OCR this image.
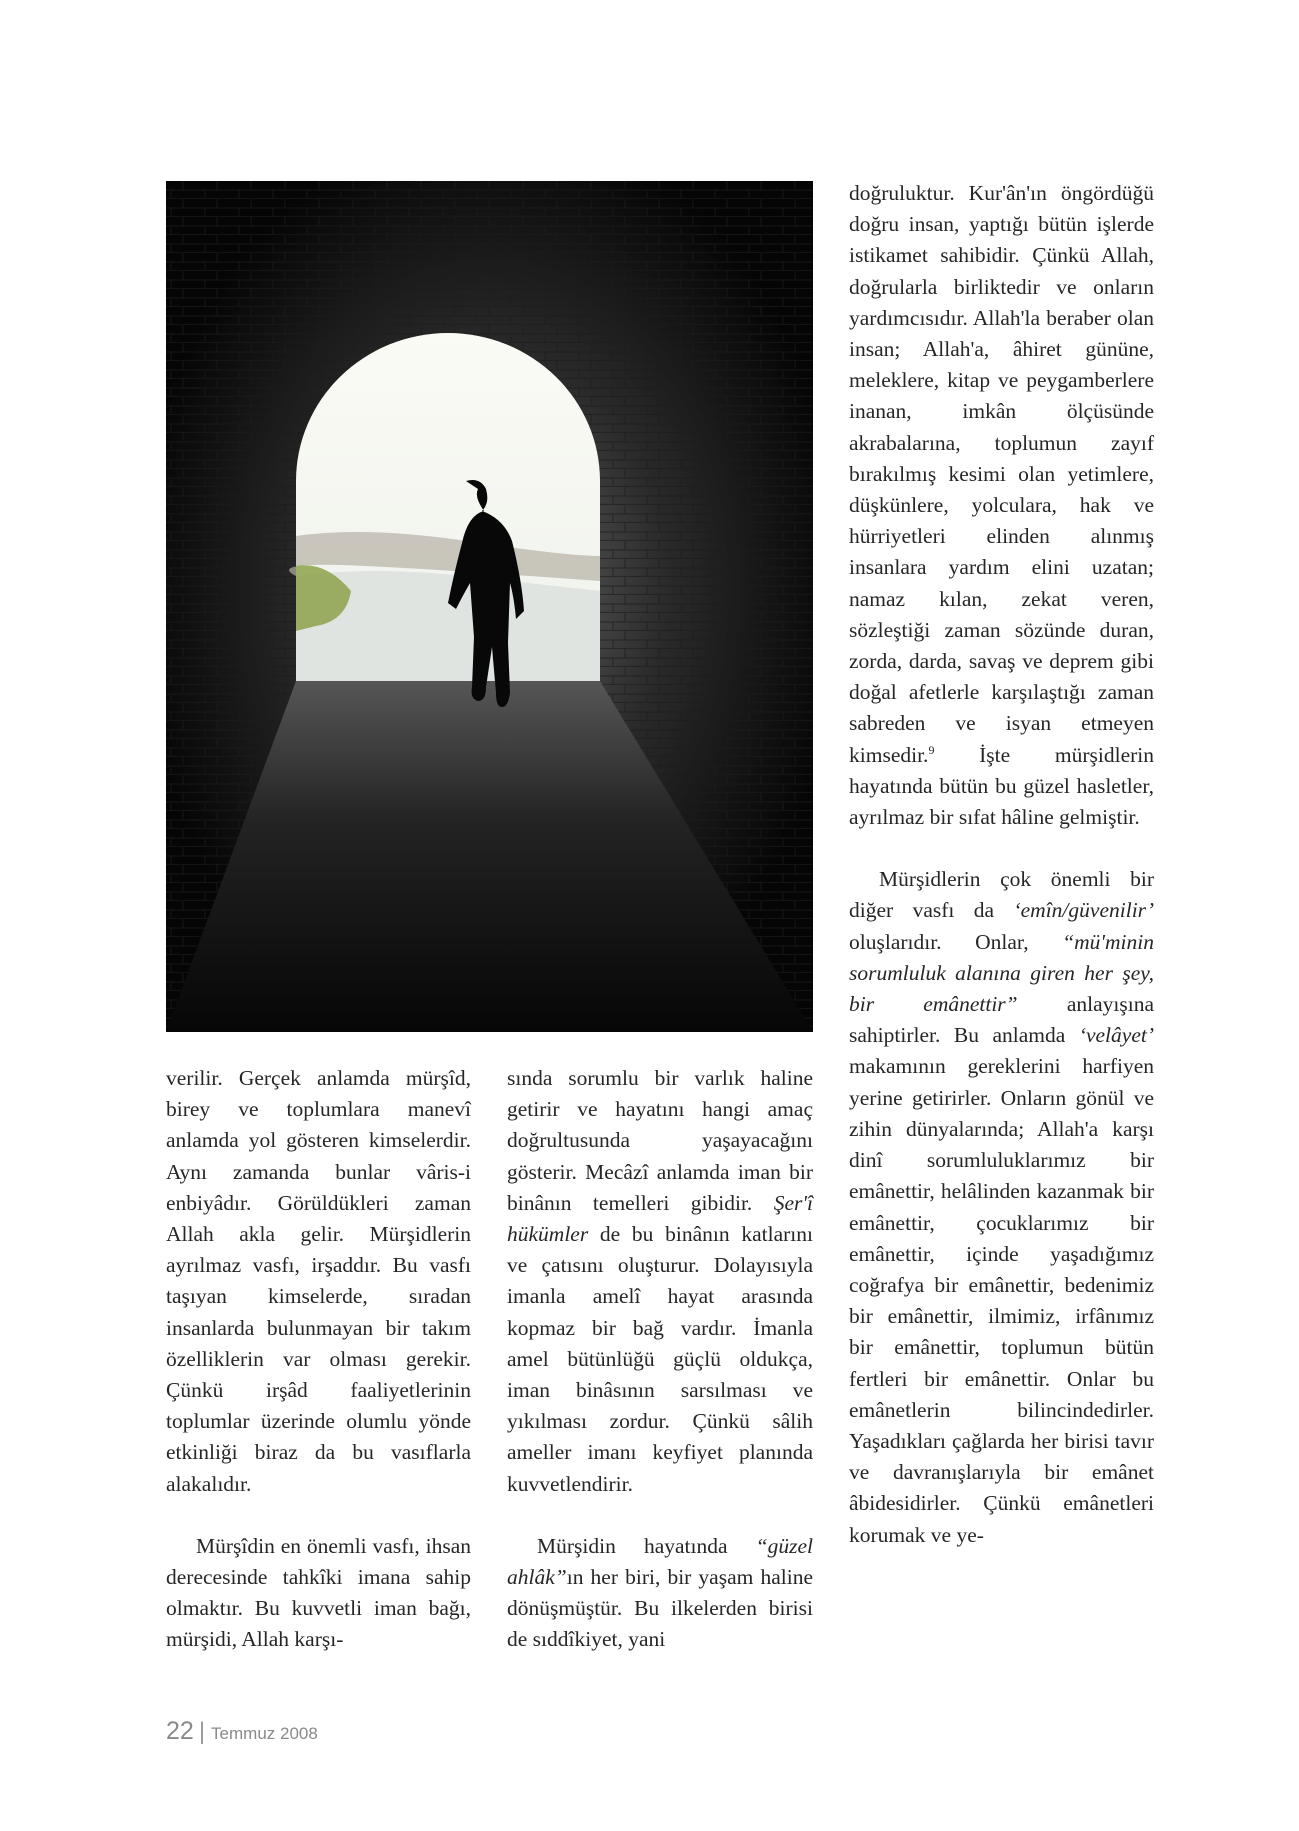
verilir. Gerçek anlamda mürşîd, birey ve toplumlara manevî anlamda yol gösteren kimselerdir. Aynı zamanda bunlar vâris-i enbiyâdır. Görüldükleri zaman Allah akla gelir. Mürşidlerin ayrılmaz vasfı, irşaddır. Bu vasfı taşıyan kimselerde, sıradan insanlarda bulunmayan bir takım özelliklerin var olması gerekir. Çünkü irşâd faaliyetlerinin toplumlar üzerinde olumlu yönde etkinliği biraz da bu vasıflarla alakalıdır.

Mürşîdin en önemli vasfı, ihsan derecesinde tahkîki imana sahip olmaktır. Bu kuvvetli iman bağı, mürşidi, Allah karşı-

sında sorumlu bir varlık haline getirir ve hayatını hangi amaç doğrultusunda yaşayacağını gösterir. Mecâzî anlamda iman bir binânın temelleri gibidir. Şer'î hükümler de bu binânın katlarını ve çatısını oluşturur. Dolayısıyla imanla amelî hayat arasında kopmaz bir bağ vardır. İmanla amel bütünlüğü güçlü oldukça, iman binâsının sarsılması ve yıkılması zordur. Çünkü sâlih ameller imanı keyfiyet planında kuvvetlendirir.

Mürşidin hayatında “güzel ahlâk”ın her biri, bir yaşam haline dönüşmüştür. Bu ilkelerden birisi de sıddîkiyet, yani

doğruluktur. Kur'ân'ın öngördüğü doğru insan, yaptığı bütün işlerde istikamet sahibidir. Çünkü Allah, doğrularla birliktedir ve onların yardımcısıdır. Allah'la beraber olan insan; Allah'a, âhiret gününe, meleklere, kitap ve peygamberlere inanan, imkân ölçüsünde akrabalarına, toplumun zayıf bırakılmış kesimi olan yetimlere, düşkünlere, yolculara, hak ve hürriyetleri elinden alınmış insanlara yardım elini uzatan; namaz kılan, zekat veren, sözleştiği zaman sözünde duran, zorda, darda, savaş ve deprem gibi doğal afetlerle karşılaştığı zaman sabreden ve isyan etmeyen kimsedir.$^9$ İşte mürşidlerin hayatında bütün bu güzel hasletler, ayrılmaz bir sıfat hâline gelmiştir.

Mürşidlerin çok önemli bir diğer vasfı da ‘emîn/güvenilir’ oluşlarıdır. Onlar, “mü'minin sorumluluk alanına giren her şey, bir emânettir” anlayışına sahiptirler. Bu anlamda ‘velâyet’ makamının gereklerini harfiyen yerine getirirler. Onların gönül ve zihin dünyalarında; Allah'a karşı dinî sorumluluklarımız bir emânettir, helâlinden kazanmak bir emânettir, çocuklarımız bir emânettir, içinde yaşadığımız coğrafya bir emânettir, bedenimiz bir emânettir, ilmimiz, irfânımız bir emânettir, toplumun bütün fertleri bir emânettir. Onlar bu emânetlerin bilincindedirler. Yaşadıkları çağlarda her birisi tavır ve davranışlarıyla bir emânet âbidesidirler. Çünkü emânetleri korumak ve ye-

22 | Temmuz 2008
